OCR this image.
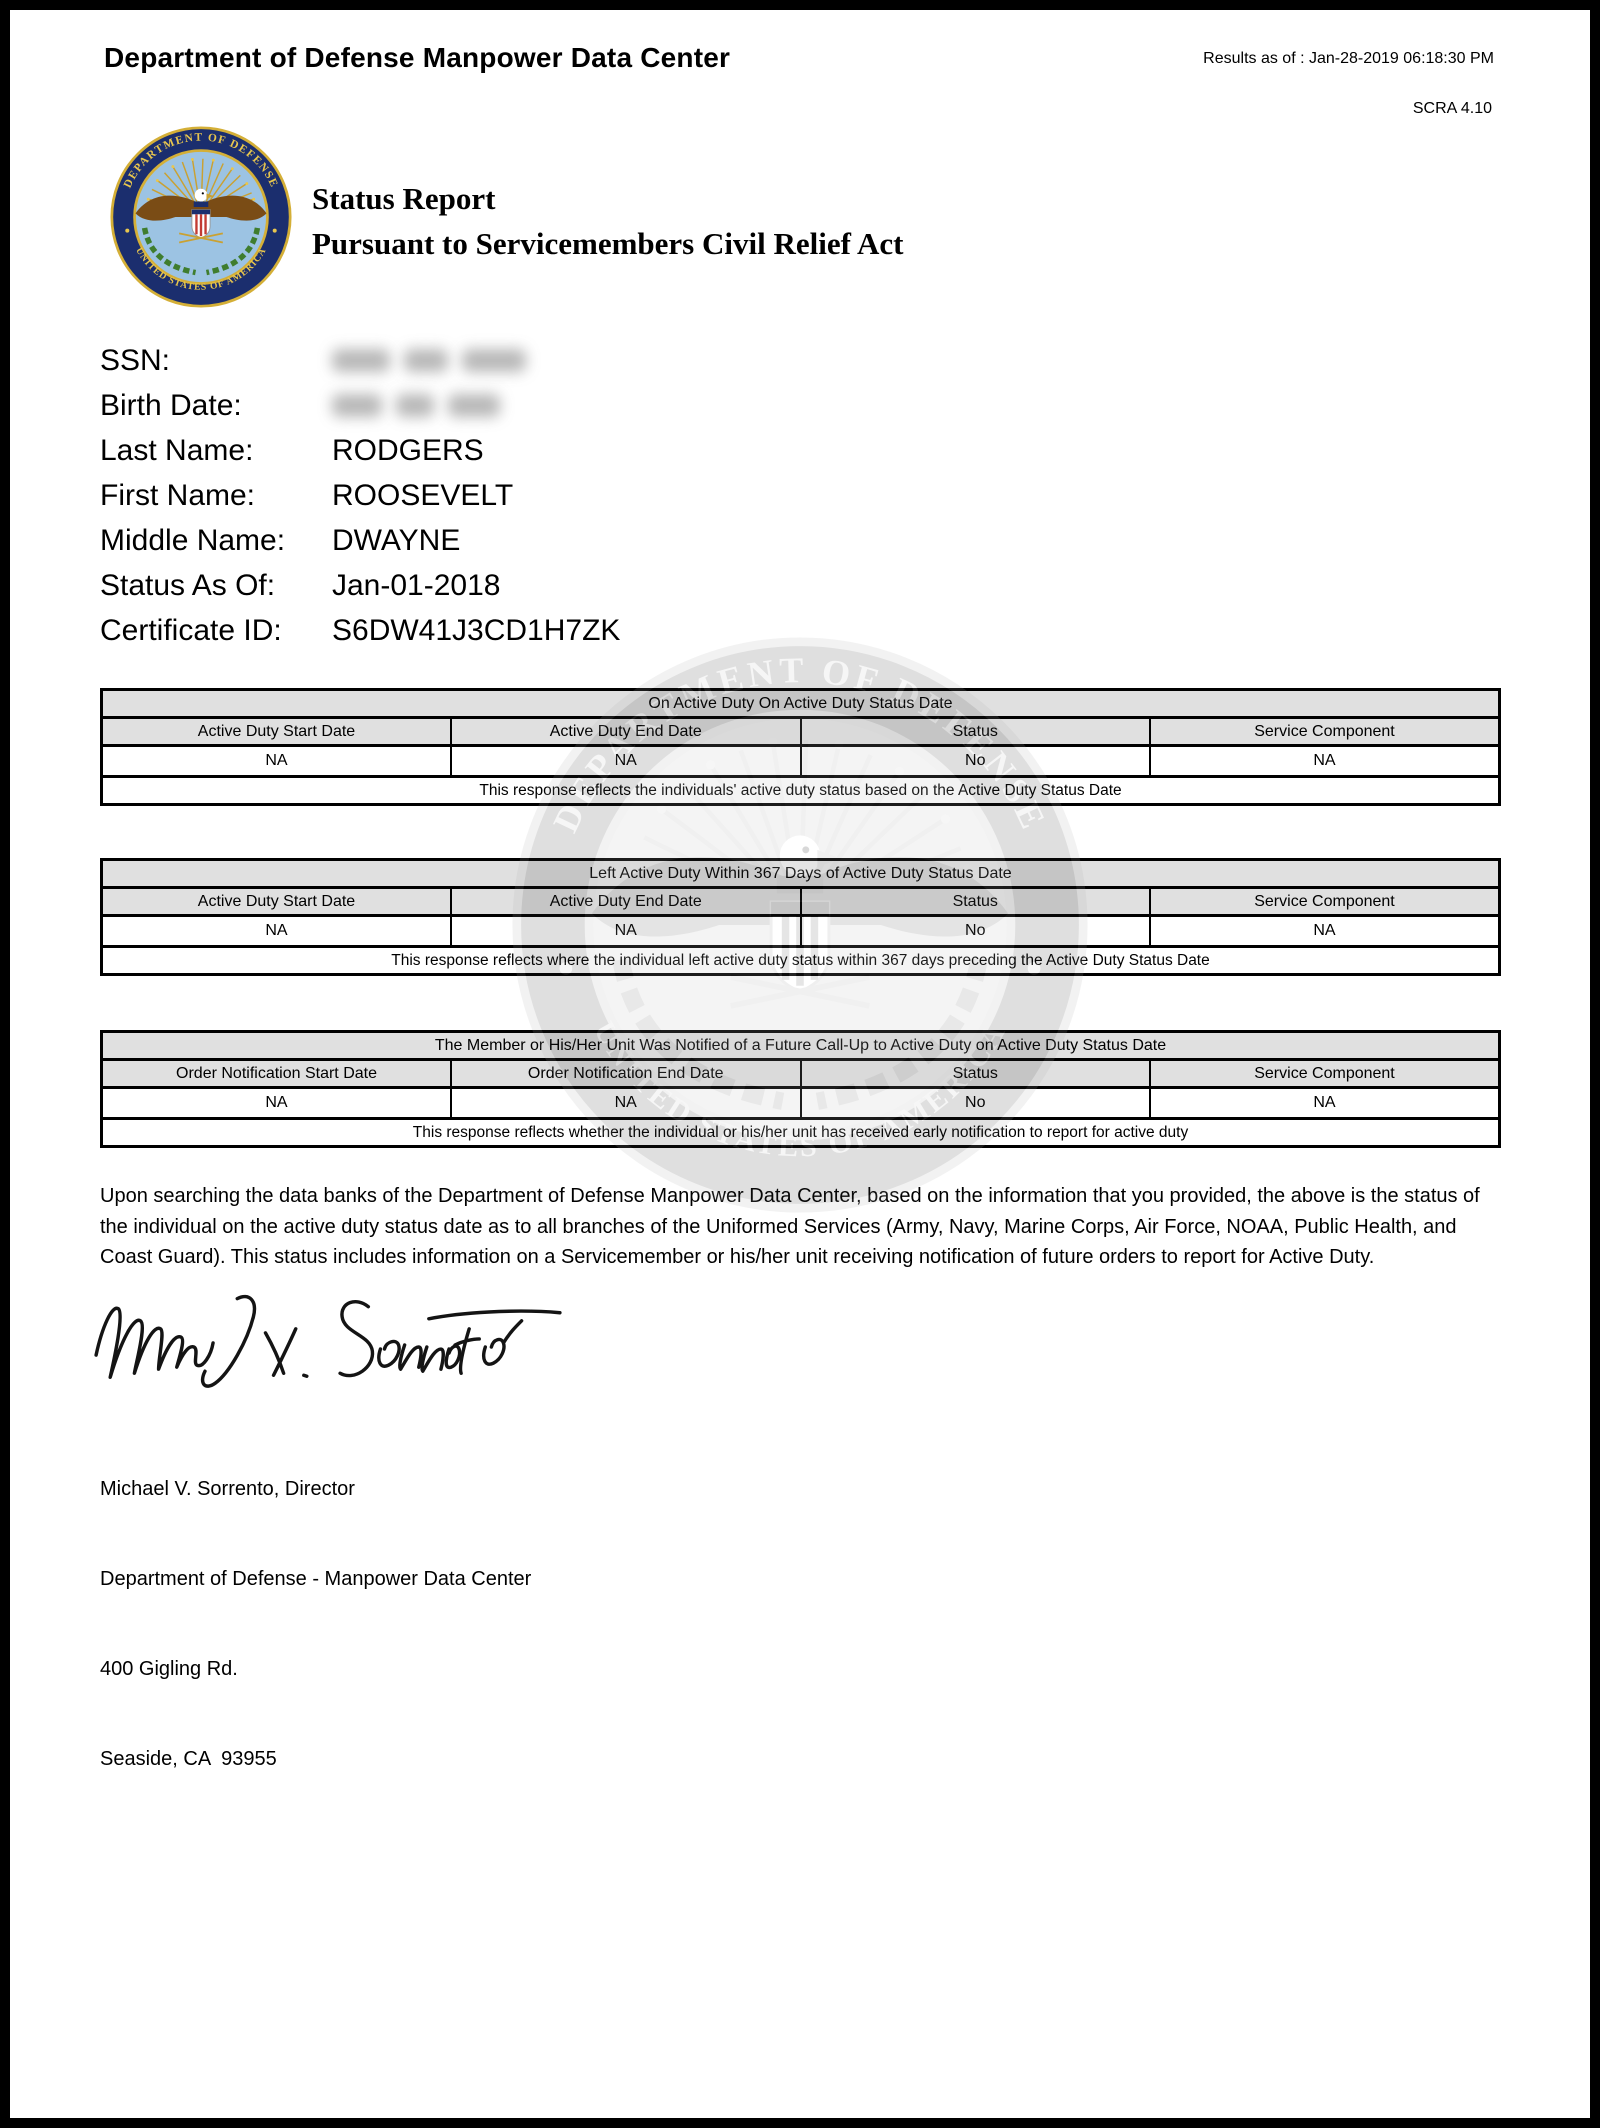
Department of Defense Manpower Data Center	Results as of : Jan-28-2019 06:18:30 PM
SCRA 4.10
Status Report
Pursuant to Servicemembers Civil Relief Act
SSN:
Birth Date:
Last Name:	RODGERS
First Name:	ROOSEVELT
Middle Name:	DWAYNE
Status As Of:	Jan-01-2018
Certificate ID:	S6DW41J3CD1H7ZK
On Active Duty On Active Duty Status Date			
Active Duty Start Date	Active Duty End Date	Status	Service Component
NA	NA	No	NA
This response reflects the individuals' active duty status based on the Active Duty Status Date			
Left Active Duty Within 367 Days of Active Duty Status Date			
Active Duty Start Date	Active Duty End Date	Status	Service Component
NA	NA	No	NA
This response reflects where the individual left active duty status within 367 days preceding the Active Duty Status Date			
The Member or His/Her Unit Was Notified of a Future Call-Up to Active Duty on Active Duty Status Date			
Order Notification Start Date	Order Notification End Date	Status	Service Component
NA	NA	No	NA
This response reflects whether the individual or his/her unit has received early notification to report for active duty			
Upon searching the data banks of the Department of Defense Manpower Data Center, based on the information that you provided, the above is the status of the individual on the active duty status date as to all branches of the Uniformed Services (Army, Navy, Marine Corps, Air Force, NOAA, Public Health, and Coast Guard). This status includes information on a Servicemember or his/her unit receiving notification of future orders to report for Active Duty.

Michael V. Sorrento, Director

Department of Defense - Manpower Data Center

400 Gigling Rd.

Seaside, CA  93955
